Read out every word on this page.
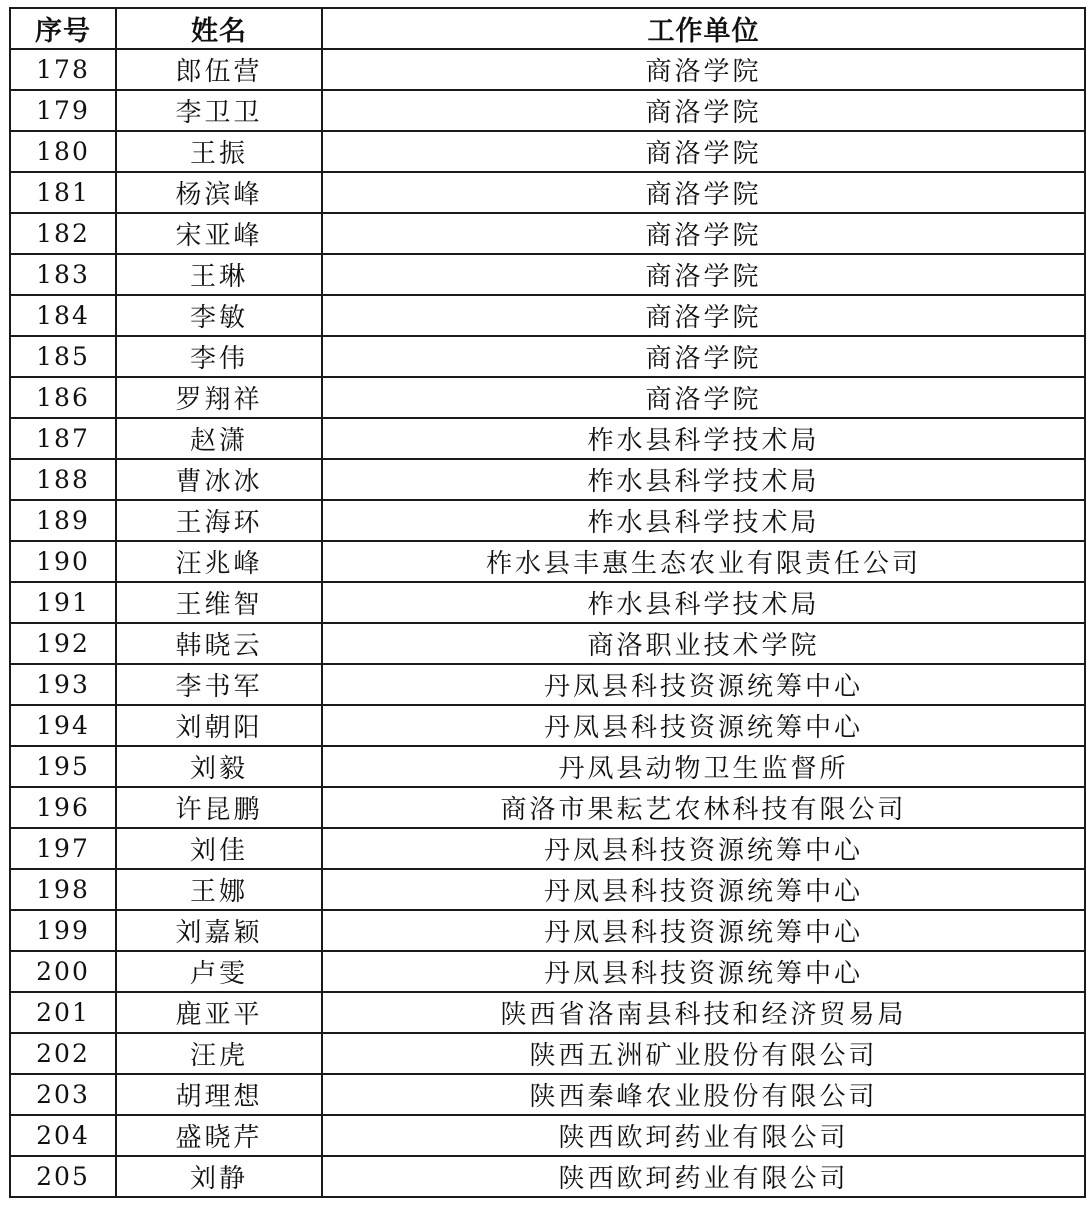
序号	姓名	工作单位
178	郎伍营	商洛学院
179	李卫卫	商洛学院
180	王振	商洛学院
181	杨滨峰	商洛学院
182	宋亚峰	商洛学院
183	王琳	商洛学院
184	李敏	商洛学院
185	李伟	商洛学院
186	罗翔祥	商洛学院
187	赵潇	柞水县科学技术局
188	曹冰冰	柞水县科学技术局
189	王海环	柞水县科学技术局
190	汪兆峰	柞水县丰惠生态农业有限责任公司
191	王维智	柞水县科学技术局
192	韩晓云	商洛职业技术学院
193	李书军	丹凤县科技资源统筹中心
194	刘朝阳	丹凤县科技资源统筹中心
195	刘毅	丹凤县动物卫生监督所
196	许昆鹏	商洛市果耘艺农林科技有限公司
197	刘佳	丹凤县科技资源统筹中心
198	王娜	丹凤县科技资源统筹中心
199	刘嘉颖	丹凤县科技资源统筹中心
200	卢雯	丹凤县科技资源统筹中心
201	鹿亚平	陕西省洛南县科技和经济贸易局
202	汪虎	陕西五洲矿业股份有限公司
203	胡理想	陕西秦峰农业股份有限公司
204	盛晓芹	陕西欧珂药业有限公司
205	刘静	陕西欧珂药业有限公司
